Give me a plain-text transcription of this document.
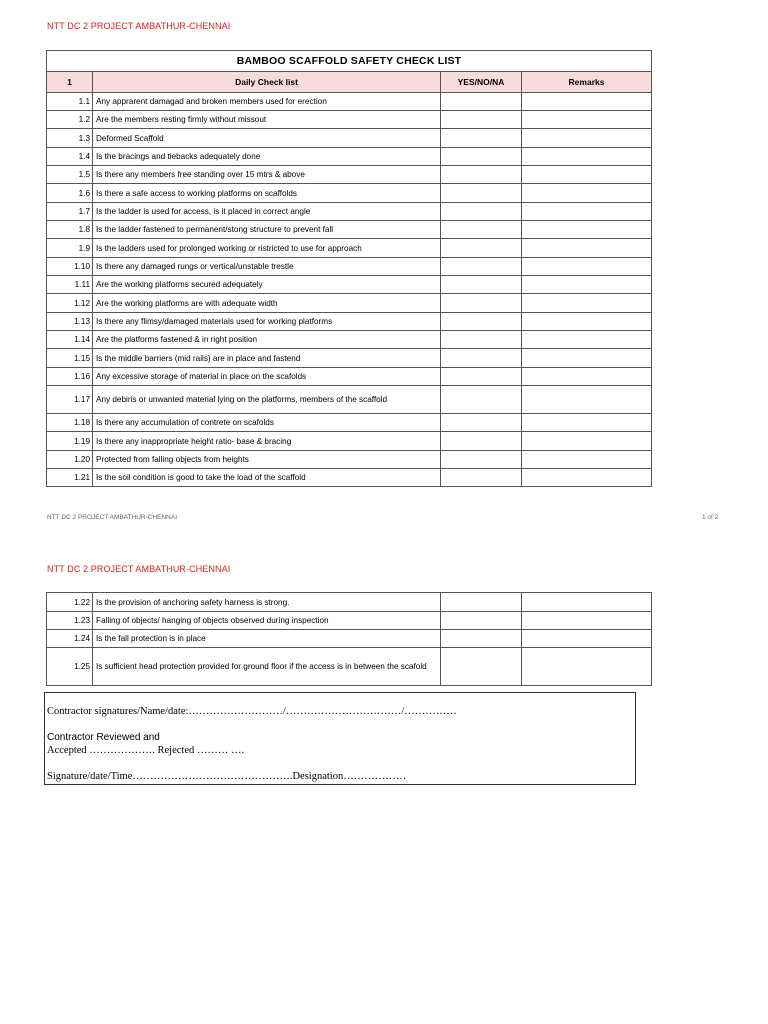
NTT DC 2 PROJECT AMBATHUR-CHENNAI
BAMBOO SCAFFOLD SAFETY CHECK LIST			
1	Daily Check list	YES/NO/NA	Remarks
1.1	Any apprarent damagad and broken members used for erection		
1.2	Are the members resting firmly without missout		
1.3	Deformed Scaffold		
1.4	Is the bracings and tiebacks adequately done		
1.5	Is there any members free standing over 15 mtrs & above		
1.6	Is there a safe access to working platforms on scaffolds		
1.7	Is the ladder is used for access, is it placed in correct angle		
1.8	Is the ladder fastened to permanent/stong structure to prevent fall		
1.9	Is the ladders used for prolonged working or ristricted to use for approach		
1.10	Is there any damaged rungs or vertical/unstable trestle		
1.11	Are the working platforms secured adequately		
1.12	Are the working platforms are with adequate width		
1.13	Is there any flimsy/damaged materials used for working platforms		
1.14	Are the platforms fastened & in right position		
1.15	Is the middle barriers (mid rails) are in place and fastend		
1.16	Any excessive storage of material in place on the scafolds		
1.17	Any debiris or unwanted material lying on the platforms, members of the scaffold		
1.18	Is there any accumulation of contrete on scafolds		
1.19	Is there any inappropriate height ratio- base & bracing		
1.20	Protected from falling objects from heights		
1.21	Is the soil condition is good to take the load of the scaffold		
NTT DC 2 PROJECT AMBATHUR-CHENNAI	1 of 2
NTT DC 2 PROJECT AMBATHUR-CHENNAI
1.22	Is the provision of anchoring safety harness is strong.		
1.23	Falling of objects/ hanging of objects observed during inspection		
1.24	Is the fall protection is in place		
1.25	Is sufficient head protection provided for ground floor if the access is in between the scafold		
Contractor signatures/Name/date:………………………/……………………………/……………
Contractor Reviewed and
Accepted ………………. Rejected ……… ….
Signature/date/Time……………………………………….Designation………………
